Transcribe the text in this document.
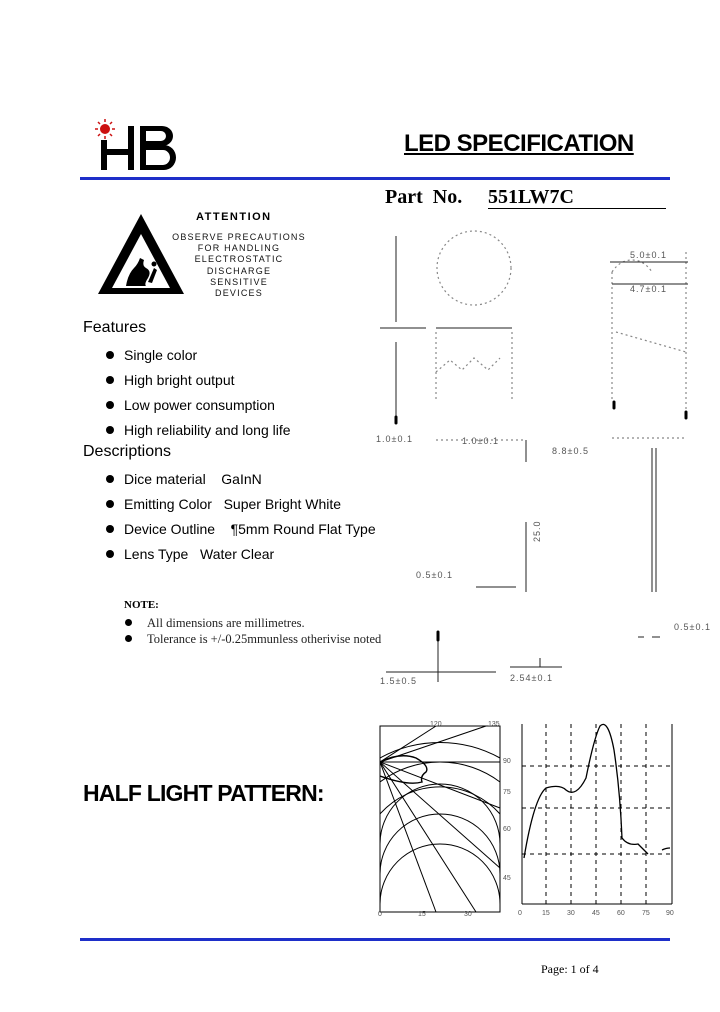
LED SPECIFICATION
Part  No. 551LW7C
ATTENTION
OBSERVE PRECAUTIONS
FOR HANDLING
ELECTROSTATIC
DISCHARGE
SENSITIVE
DEVICES
Features
Single color
High bright output
Low power consumption
High reliability and long life
Descriptions
Dice material GaInN
Emitting Color Super Bright White
Device Outline ¶5mm Round Flat Type
Lens Type Water Clear
NOTE:
All dimensions are millimetres.
Tolerance is +/-0.25mmunless otherivise noted
5.0±0.1
4.7±0.1
1.0±0.1	1.0±0.1
1.5±0.5	2.54±0.1
0.5±0.1
0.5±0.1
8.8±0.5
25.0
HALF LIGHT PATTERN:
120	135
90
75
60
45
0	15	30	0	15 30 45 60 75 90
Page: 1 of 4
